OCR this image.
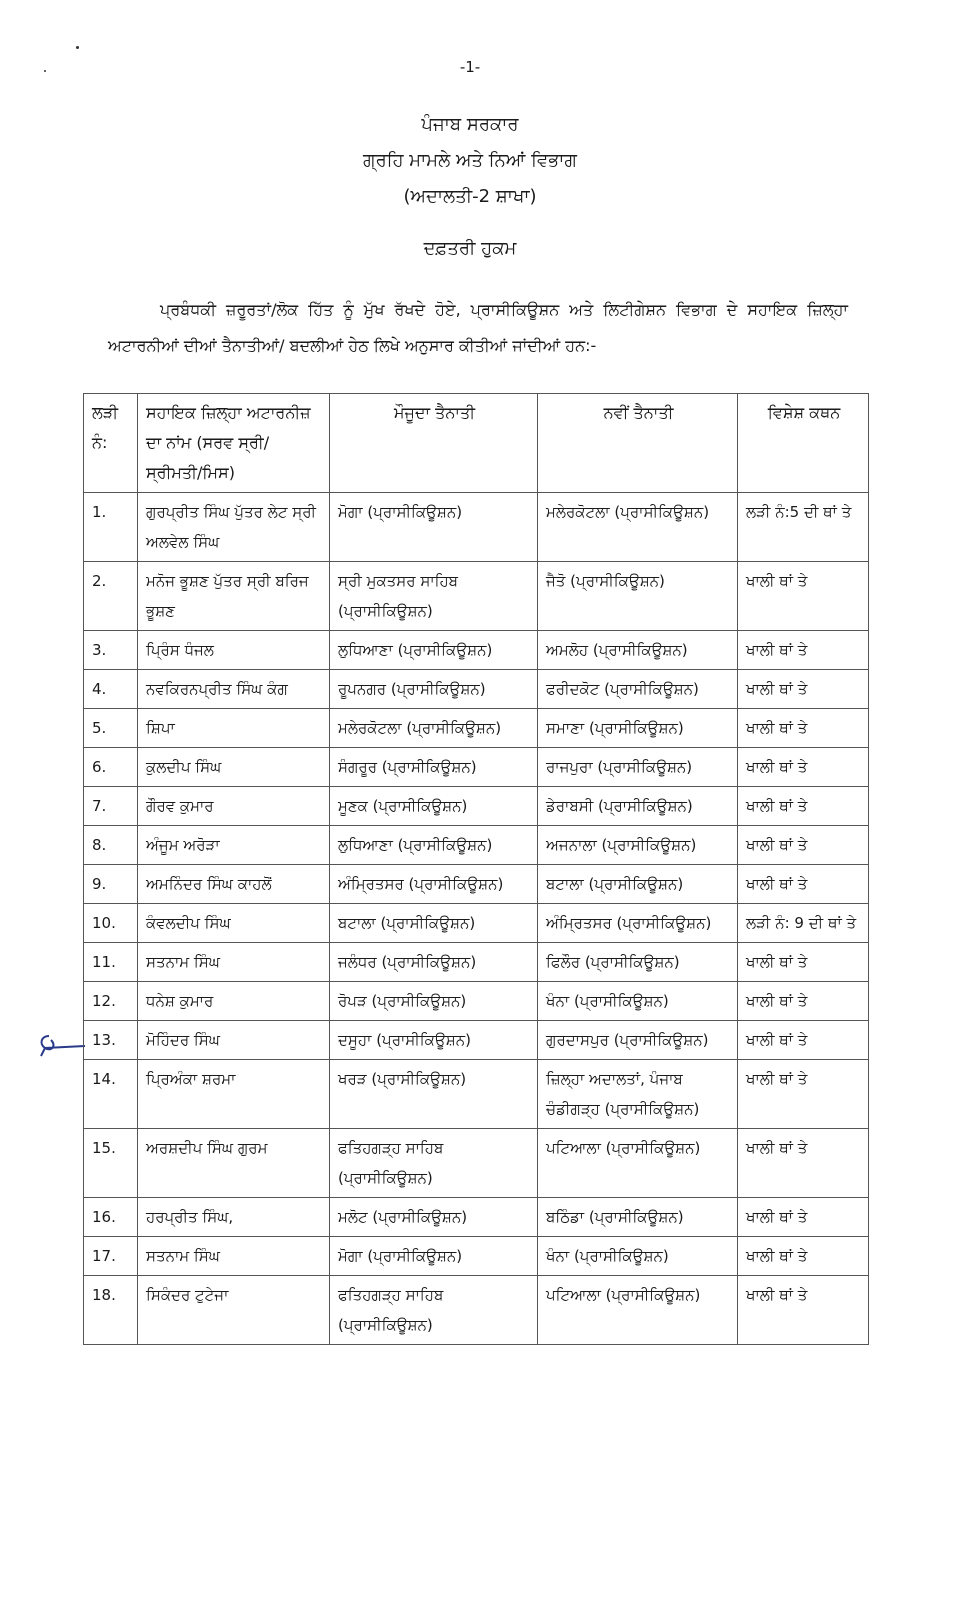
-1-
ਪੰਜਾਬ ਸਰਕਾਰ
ਗ੍ਰਹਿ ਮਾਮਲੇ ਅਤੇ ਨਿਆਂ ਵਿਭਾਗ
(ਅਦਾਲਤੀ-2 ਸ਼ਾਖਾ)
ਦਫ਼ਤਰੀ ਹੁਕਮ
ਪ੍ਰਬੰਧਕੀ ਜ਼ਰੂਰਤਾਂ/ਲੋਕ ਹਿੱਤ ਨੂੰ ਮੁੱਖ ਰੱਖਦੇ ਹੋਏ, ਪ੍ਰਾਸੀਕਿਊਸ਼ਨ ਅਤੇ ਲਿਟੀਗੇਸ਼ਨ ਵਿਭਾਗ ਦੇ ਸਹਾਇਕ ਜ਼ਿਲ੍ਹਾ ਅਟਾਰਨੀਆਂ ਦੀਆਂ ਤੈਨਾਤੀਆਂ/ ਬਦਲੀਆਂ ਹੇਠ ਲਿਖੇ ਅਨੁਸਾਰ ਕੀਤੀਆਂ ਜਾਂਦੀਆਂ ਹਨ:-
ਲੜੀ ਨੰ:	ਸਹਾਇਕ ਜ਼ਿਲ੍ਹਾ ਅਟਾਰਨੀਜ਼ ਦਾ ਨਾਂਮ (ਸਰਵ ਸ੍ਰੀ/ਸ੍ਰੀਮਤੀ/ਮਿਸ)	ਮੌਜੂਦਾ ਤੈਨਾਤੀ	ਨਵੀਂ ਤੈਨਾਤੀ	ਵਿਸ਼ੇਸ਼ ਕਥਨ
1.	ਗੁਰਪ੍ਰੀਤ ਸਿੰਘ ਪੁੱਤਰ ਲੇਟ ਸ੍ਰੀ ਅਲਵੇਲ ਸਿੰਘ	ਮੋਗਾ (ਪ੍ਰਾਸੀਕਿਊਸ਼ਨ)	ਮਲੇਰਕੋਟਲਾ (ਪ੍ਰਾਸੀਕਿਊਸ਼ਨ)	ਲੜੀ ਨੰ:5 ਦੀ ਥਾਂ ਤੇ
2.	ਮਨੋਜ ਭੂਸ਼ਣ ਪੁੱਤਰ ਸ੍ਰੀ ਬਰਿਜ ਭੂਸ਼ਣ	ਸ੍ਰੀ ਮੁਕਤਸਰ ਸਾਹਿਬ (ਪ੍ਰਾਸੀਕਿਊਸ਼ਨ)	ਜੈਤੋ (ਪ੍ਰਾਸੀਕਿਊਸ਼ਨ)	ਖਾਲੀ ਥਾਂ ਤੇ
3.	ਪ੍ਰਿੰਸ ਧੰਜਲ	ਲੁਧਿਆਣਾ (ਪ੍ਰਾਸੀਕਿਊਸ਼ਨ)	ਅਮਲੋਹ (ਪ੍ਰਾਸੀਕਿਊਸ਼ਨ)	ਖਾਲੀ ਥਾਂ ਤੇ
4.	ਨਵਕਿਰਨਪ੍ਰੀਤ ਸਿੰਘ ਕੰਗ	ਰੂਪਨਗਰ (ਪ੍ਰਾਸੀਕਿਊਸ਼ਨ)	ਫਰੀਦਕੋਟ (ਪ੍ਰਾਸੀਕਿਊਸ਼ਨ)	ਖਾਲੀ ਥਾਂ ਤੇ
5.	ਸ਼ਿਪਾ	ਮਲੇਰਕੋਟਲਾ (ਪ੍ਰਾਸੀਕਿਊਸ਼ਨ)	ਸਮਾਣਾ (ਪ੍ਰਾਸੀਕਿਊਸ਼ਨ)	ਖਾਲੀ ਥਾਂ ਤੇ
6.	ਕੁਲਦੀਪ ਸਿੰਘ	ਸੰਗਰੂਰ (ਪ੍ਰਾਸੀਕਿਊਸ਼ਨ)	ਰਾਜਪੁਰਾ (ਪ੍ਰਾਸੀਕਿਊਸ਼ਨ)	ਖਾਲੀ ਥਾਂ ਤੇ
7.	ਗੌਰਵ ਕੁਮਾਰ	ਮੂਣਕ (ਪ੍ਰਾਸੀਕਿਊਸ਼ਨ)	ਡੇਰਾਬਸੀ (ਪ੍ਰਾਸੀਕਿਊਸ਼ਨ)	ਖਾਲੀ ਥਾਂ ਤੇ
8.	ਅੰਜੂਮ ਅਰੋੜਾ	ਲੁਧਿਆਣਾ (ਪ੍ਰਾਸੀਕਿਊਸ਼ਨ)	ਅਜਨਾਲਾ (ਪ੍ਰਾਸੀਕਿਊਸ਼ਨ)	ਖਾਲੀ ਥਾਂ ਤੇ
9.	ਅਮਨਿੰਦਰ ਸਿੰਘ ਕਾਹਲੋਂ	ਅੰਮ੍ਰਿਤਸਰ (ਪ੍ਰਾਸੀਕਿਊਸ਼ਨ)	ਬਟਾਲਾ (ਪ੍ਰਾਸੀਕਿਊਸ਼ਨ)	ਖਾਲੀ ਥਾਂ ਤੇ
10.	ਕੰਵਲਦੀਪ ਸਿੰਘ	ਬਟਾਲਾ (ਪ੍ਰਾਸੀਕਿਊਸ਼ਨ)	ਅੰਮ੍ਰਿਤਸਰ (ਪ੍ਰਾਸੀਕਿਊਸ਼ਨ)	ਲੜੀ ਨੰ: 9 ਦੀ ਥਾਂ ਤੇ
11.	ਸਤਨਾਮ ਸਿੰਘ	ਜਲੰਧਰ (ਪ੍ਰਾਸੀਕਿਊਸ਼ਨ)	ਫਿਲੌਰ (ਪ੍ਰਾਸੀਕਿਊਸ਼ਨ)	ਖਾਲੀ ਥਾਂ ਤੇ
12.	ਧਨੇਸ਼ ਕੁਮਾਰ	ਰੋਪੜ (ਪ੍ਰਾਸੀਕਿਊਸ਼ਨ)	ਖੰਨਾ (ਪ੍ਰਾਸੀਕਿਊਸ਼ਨ)	ਖਾਲੀ ਥਾਂ ਤੇ
13.	ਮੋਹਿੰਦਰ ਸਿੰਘ	ਦਸੂਹਾ (ਪ੍ਰਾਸੀਕਿਊਸ਼ਨ)	ਗੁਰਦਾਸਪੁਰ (ਪ੍ਰਾਸੀਕਿਊਸ਼ਨ)	ਖਾਲੀ ਥਾਂ ਤੇ
14.	ਪ੍ਰਿਅੰਕਾ ਸ਼ਰਮਾ	ਖਰੜ (ਪ੍ਰਾਸੀਕਿਊਸ਼ਨ)	ਜ਼ਿਲ੍ਹਾ ਅਦਾਲਤਾਂ, ਪੰਜਾਬ ਚੰਡੀਗੜ੍ਹ (ਪ੍ਰਾਸੀਕਿਊਸ਼ਨ)	ਖਾਲੀ ਥਾਂ ਤੇ
15.	ਅਰਸ਼ਦੀਪ ਸਿੰਘ ਗੁਰਮ	ਫਤਿਹਗੜ੍ਹ ਸਾਹਿਬ (ਪ੍ਰਾਸੀਕਿਊਸ਼ਨ)	ਪਟਿਆਲਾ (ਪ੍ਰਾਸੀਕਿਊਸ਼ਨ)	ਖਾਲੀ ਥਾਂ ਤੇ
16.	ਹਰਪ੍ਰੀਤ ਸਿੰਘ,	ਮਲੋਟ (ਪ੍ਰਾਸੀਕਿਊਸ਼ਨ)	ਬਠਿੰਡਾ (ਪ੍ਰਾਸੀਕਿਊਸ਼ਨ)	ਖਾਲੀ ਥਾਂ ਤੇ
17.	ਸਤਨਾਮ ਸਿੰਘ	ਮੋਗਾ (ਪ੍ਰਾਸੀਕਿਊਸ਼ਨ)	ਖੰਨਾ (ਪ੍ਰਾਸੀਕਿਊਸ਼ਨ)	ਖਾਲੀ ਥਾਂ ਤੇ
18.	ਸਿਕੰਦਰ ਟੁਟੇਜਾ	ਫਤਿਹਗੜ੍ਹ ਸਾਹਿਬ (ਪ੍ਰਾਸੀਕਿਊਸ਼ਨ)	ਪਟਿਆਲਾ (ਪ੍ਰਾਸੀਕਿਊਸ਼ਨ)	ਖਾਲੀ ਥਾਂ ਤੇ
